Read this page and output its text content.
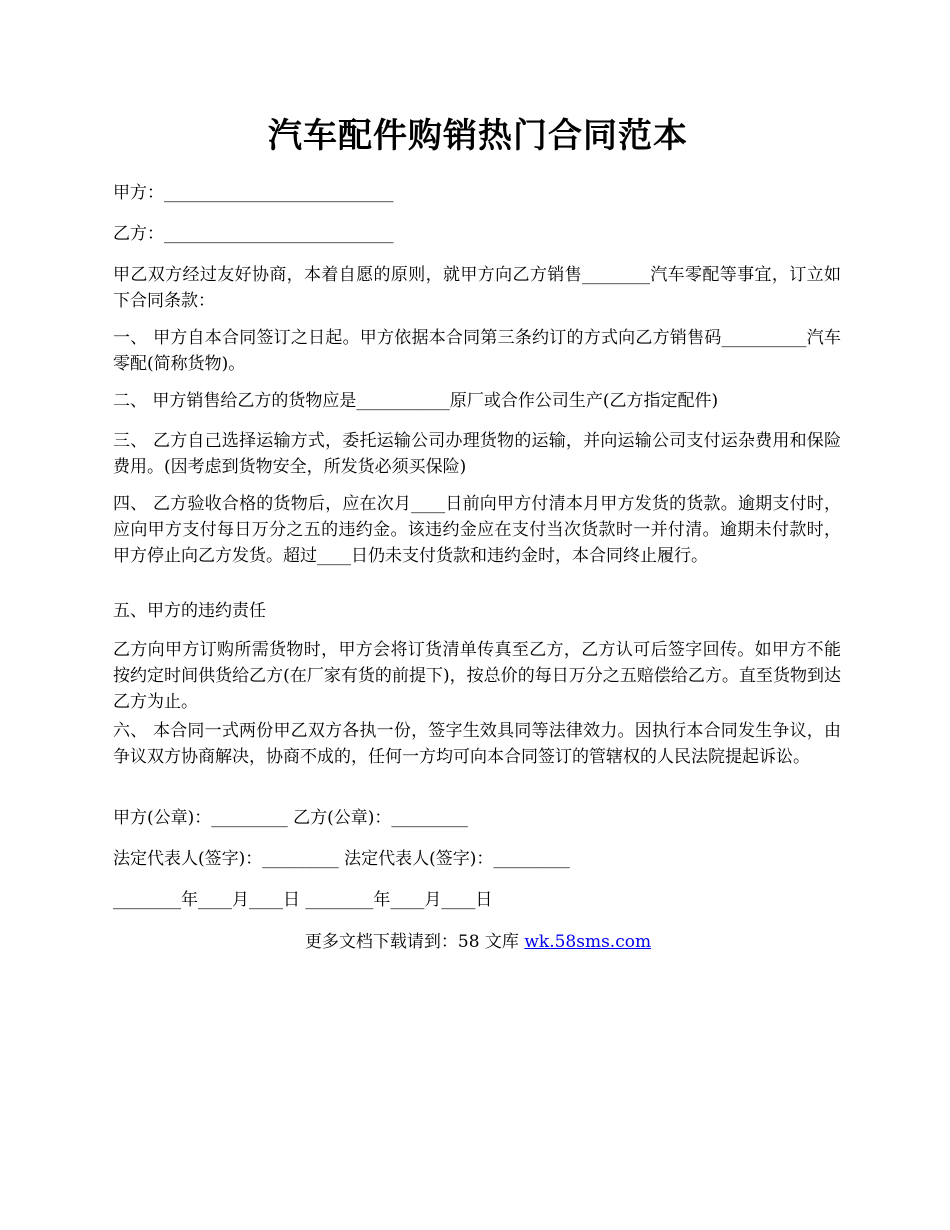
汽车配件购销热门合同范本

甲方：___________________________

乙方：___________________________

甲乙双方经过友好协商，本着自愿的原则，就甲方向乙方销售________汽车零配等事宜，订立如下合同条款：

一、 甲方自本合同签订之日起。甲方依据本合同第三条约订的方式向乙方销售码__________汽车零配(简称货物)。

二、 甲方销售给乙方的货物应是___________原厂或合作公司生产(乙方指定配件)

三、 乙方自己选择运输方式，委托运输公司办理货物的运输，并向运输公司支付运杂费用和保险费用。(因考虑到货物安全，所发货必须买保险)

四、 乙方验收合格的货物后，应在次月____日前向甲方付清本月甲方发货的货款。逾期支付时，应向甲方支付每日万分之五的违约金。该违约金应在支付当次货款时一并付清。逾期未付款时，甲方停止向乙方发货。超过____日仍未支付货款和违约金时，本合同终止履行。

五、甲方的违约责任

乙方向甲方订购所需货物时，甲方会将订货清单传真至乙方，乙方认可后签字回传。如甲方不能按约定时间供货给乙方(在厂家有货的前提下)，按总价的每日万分之五赔偿给乙方。直至货物到达乙方为止。

六、 本合同一式两份甲乙双方各执一份，签字生效具同等法律效力。因执行本合同发生争议，由争议双方协商解决，协商不成的，任何一方均可向本合同签订的管辖权的人民法院提起诉讼。

甲方(公章)：_________ 乙方(公章)：_________

法定代表人(签字)：_________ 法定代表人(签字)：_________

________年____月____日 ________年____月____日

更多文档下载请到：58 文库 wk.58sms.com
